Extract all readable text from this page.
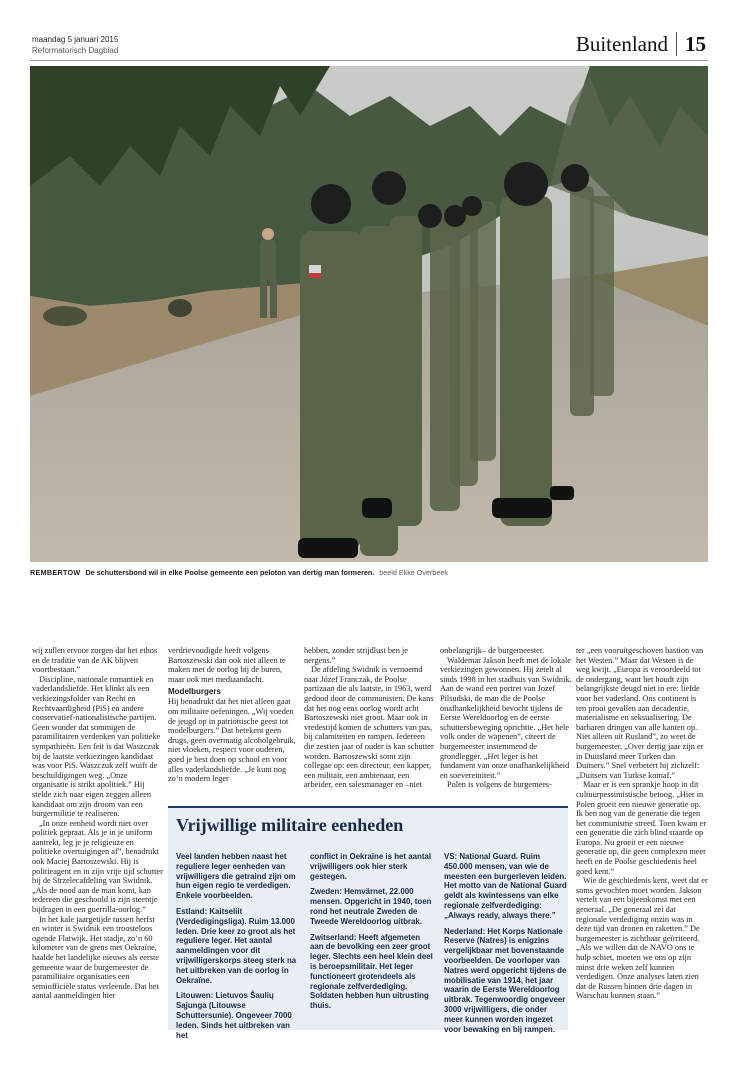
maandag 5 januari 2015
Reformatorisch Dagblad	Buitenland 15
REMBERTOW De schuttersbond wil in elke Poolse gemeente een peloton van dertig man formeren. beeld Ekke Overbeek

wij zullen ervoor zorgen dat het ethos en de traditie van de AK blijven voortbestaan.”

Discipline, nationale romantiek en vaderlandsliefde. Het klinkt als een verkiezingsfolder van Recht en Rechtvaardigheid (PiS) en andere conservatief-nationalistische partijen. Geen wonder dat sommigen de paramilitairen verdenken van politieke sympathieën. Een feit is dat Waszczuk bij de laatste verkiezingen kandidaat was voor PiS. Waszczuk zelf wuift de beschuldigingen weg. „Onze organisatie is strikt apolitiek.” Hij stelde zich naar eigen zeggen alleen kandidaat om zijn droom van een burgermilitie te realiseren.

„In onze eenheid wordt niet over politiek gepraat. Als je in je uniform aantrekt, leg je je religieuze en politieke overtuigingen af”, benadrukt ook Maciej Bartoszewski. Hij is politieagent en in zijn vrije tijd schutter bij de Strzelecafdeling van Swidnik. „Als de nood aan de man komt, kan iedereen die geschoold is zijn steentje bijdragen in een guerrilla-oorlog.”

In het kale jaargetijde tussen herfst en winter is Swidnik een troosteloos ogende Flatwijk. Het stadje, zo’n 60 kilometer van de grens met Oekraïne, haalde het landelijke nieuws als eerste gemeente waar de burgemeester de paramilitaire organisaties een semiofficiële status verleende. Dat het aantal aanmeldingen hier

verdrievoudigde heeft volgens Bartoszewski dan ook niet alleen te maken met de oorlog bij de buren, maar ook met mediaandacht.

Modelburgers

Hij benadrukt dat het niet alleen gaat om militaire oefeningen. „Wij voeden de jeugd op in patriottische geest tot modelburgers.” Dat betekent geen drugs, geen overmatig alcoholgebruik, niet vloeken, respect voor ouderen, goed je best doen op school en voor alles vaderlandsliefde. „Je kunt nog zo’n modern leger

hebben, zonder strijdlust ben je nergens.”

De afdeling Swidnik is vernoemd naar Józef Franczak, de Poolse partizaan die als laatste, in 1963, werd gedood door de communisten. De kans dat het nog eens oorlog wordt acht Bartoszewski niet groot. Maar ook in vredestijd komen de schutters van pas, bij calamiteiten en rampen. Iedereen die zestien jaar of ouder is kan schutter worden. Bartoszewski somt zijn collegae op: een directeur, een kapper, een militair, een ambtenaar, een arbeider, een salesmanager en –niet

onbelangrijk– de burgemeester.

Waldemar Jakson heeft met de lokale verkiezingen gewonnen. Hij zetelt al sinds 1998 in het stadhuis van Swidnik. Aan de wand een portret van Jozef Pilsudski, de man die de Poolse onafhankelijkheid bevocht tijdens de Eerste Wereldoorlog en de eerste schuttersbeweging oprichtte. „Het hele volk onder de wapenen”, citeert de burgemeester instemmend de grondlegger. „Het leger is het fundament van onze onafhankelijkheid en soevereiniteit.”

Polen is volgens de burgemees-

ter „een vooruitgeschoven bastion van het Westen.” Maar dat Westen is de weg kwijt. „Europa is veroordeeld tot de ondergang, want het houdt zijn belangrijkste deugd niet in ere: liefde voor het vaderland. Ons continent is ten prooi gevallen aan decadentie, materialisme en seksualisering. De barbaren dringen van alle kanten op. Niet alleen uit Rusland”, zo weet de burgemeester. „Over dertig jaar zijn er in Duitsland meer Turken dan Duitsers.” Snel verbetert hij zichzelf: „Duitsers van Turkse komaf.”

Maar er is een sprankje hoop in dit cultuurpessimistische betoog. „Hier in Polen groeit een nieuwe generatie op. Ik ben nog van de generatie die tegen het communisme streed. Toen kwam er een generatie die zich blind staarde op Europa. Nu groeit er een nieuwe generatie op, die geen complexen meer heeft en de Poolse geschiedenis heel goed kent.”

Wie de geschiedenis kent, weet dat er soms gevochten moet worden. Jakson vertelt van een bijeenkomst met een generaal. „De generaal zei dat regionale verdediging onzin was in deze tijd van dronen en raketten.” De burgemeester is zichtbaar geïrriteerd. „Als we willen dat de NAVO ons te hulp schiet, moeten we ons op zijn minst drie weken zelf kunnen verdedigen. Onze analyses laten zien dat de Russen binnen drie dagen in Warschau kunnen staan.”

Vrijwillige militaire eenheden

Veel landen hebben naast het reguliere leger eenheden van vrijwilligers die getraind zijn om hun eigen regio te verdedigen. Enkele voorbeelden.

Estland: Kaitseliit (Verdedigingsliga). Ruim 13.000 leden. Drie keer zo groot als het reguliere leger. Het aantal aanmeldingen voor dit vrijwilligerskorps steeg sterk na het uitbreken van de oorlog in Oekraïne.

Litouwen: Lietuvos Šaulių Sąjunga (Litouwse Schuttersunie). Ongeveer 7000 leden. Sinds het uitbreken van het

conflict in Oekraïne is het aantal vrijwilligers ook hier sterk gestegen.

Zweden: Hemvärnet, 22.000 mensen. Opgericht in 1940, toen rond het neutrale Zweden de Tweede Wereldoorlog uitbrak.

Zwitserland: Heeft afgemeten aan de bevolking een zeer groot leger. Slechts een heel klein deel is beroepsmilitair. Het leger functioneert grotendeels als regionale zelfverdediging. Soldaten hebben hun uitrusting thuis.

VS: National Guard. Ruim 450.000 mensen, van wie de meesten een burgerleven leiden. Het motto van de National Guard geldt als kwintessens van elke regionale zelfverdediging: „Always ready, always there.”

Nederland: Het Korps Nationale Reserve (Natres) is enigzins vergelijkbaar met bovenstaande voorbeelden. De voorloper van Natres werd opgericht tijdens de mobilisatie van 1914, het jaar waarin de Eerste Wereldoorlog uitbrak. Tegenwoordig ongeveer 3000 vrijwilligers, die onder meer kunnen worden ingezet voor bewaking en bij rampen.
